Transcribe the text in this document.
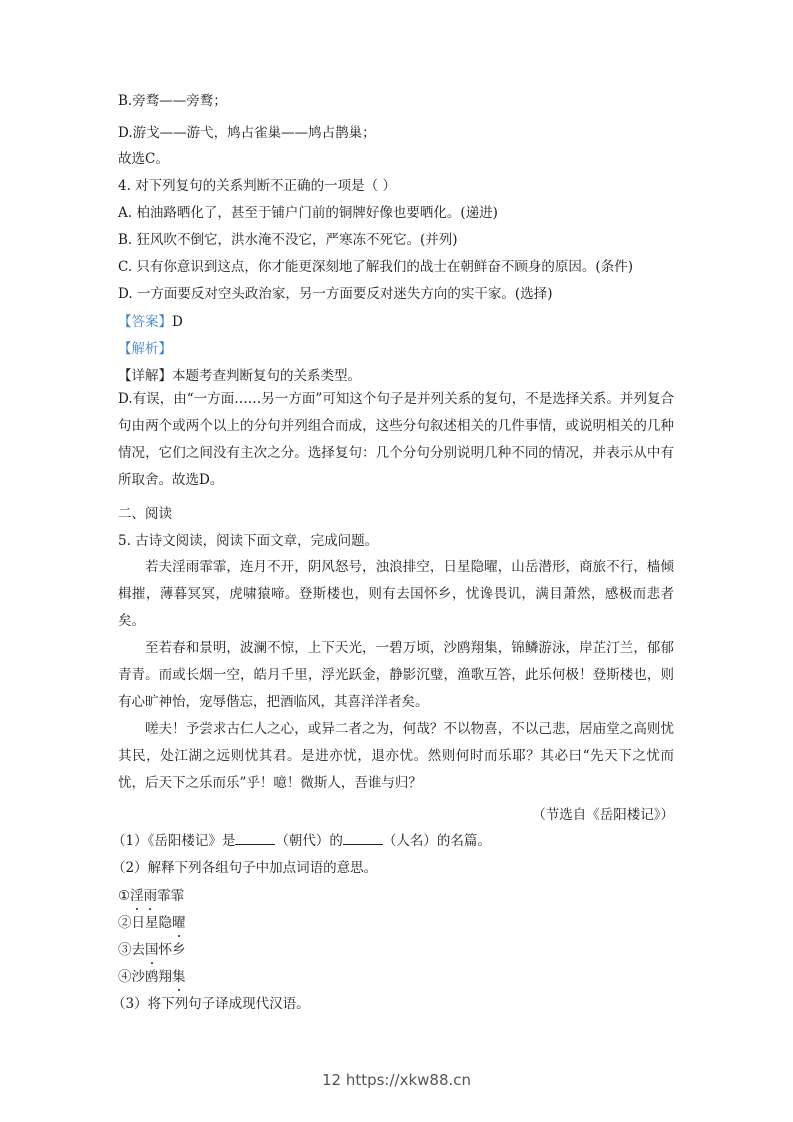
B.旁骛——旁鹜；
D.游戈——游弋，鸠占雀巢——鸠占鹊巢；
故选C。
4. 对下列复句的关系判断不正确的一项是（ ）
A. 柏油路晒化了，甚至于铺户门前的铜牌好像也要晒化。(递进)
B. 狂风吹不倒它，洪水淹不没它，严寒冻不死它。(并列)
C. 只有你意识到这点，你才能更深刻地了解我们的战士在朝鲜奋不顾身的原因。(条件)
D. 一方面要反对空头政治家，另一方面要反对迷失方向的实干家。(选择)
【答案】D
【解析】
【详解】本题考查判断复句的关系类型。
D.有误，由“一方面……另一方面”可知这个句子是并列关系的复句，不是选择关系。并列复合句由两个或两个以上的分句并列组合而成，这些分句叙述相关的几件事情，或说明相关的几种情况，它们之间没有主次之分。选择复句：几个分句分别说明几种不同的情况，并表示从中有所取舍。故选D。
二、阅读
5. 古诗文阅读，阅读下面文章，完成问题。
若夫淫雨霏霏，连月不开，阴风怒号，浊浪排空，日星隐曜，山岳潜形，商旅不行，樯倾楫摧，薄暮冥冥，虎啸猿啼。登斯楼也，则有去国怀乡，忧谗畏讥，满目萧然，感极而悲者矣。
至若春和景明，波澜不惊，上下天光，一碧万顷，沙鸥翔集，锦鳞游泳，岸芷汀兰，郁郁青青。而或长烟一空，皓月千里，浮光跃金，静影沉璧，渔歌互答，此乐何极！登斯楼也，则有心旷神怡，宠辱偕忘，把酒临风，其喜洋洋者矣。
嗟夫！予尝求古仁人之心，或异二者之为，何哉？不以物喜，不以己悲，居庙堂之高则忧其民，处江湖之远则忧其君。是进亦忧，退亦忧。然则何时而乐耶？其必曰“先天下之忧而忧，后天下之乐而乐”乎！噫！微斯人，吾谁与归？
（节选自《岳阳楼记》）
（1）《岳阳楼记》是	（朝代）的	（人名）的名篇。
（2）解释下列各组句子中加点词语的意思。
①淫雨霏霏
②日星隐曜
③去国怀乡
④沙鸥翔集
（3）将下列句子译成现代汉语。
12 https://xkw88.cn
